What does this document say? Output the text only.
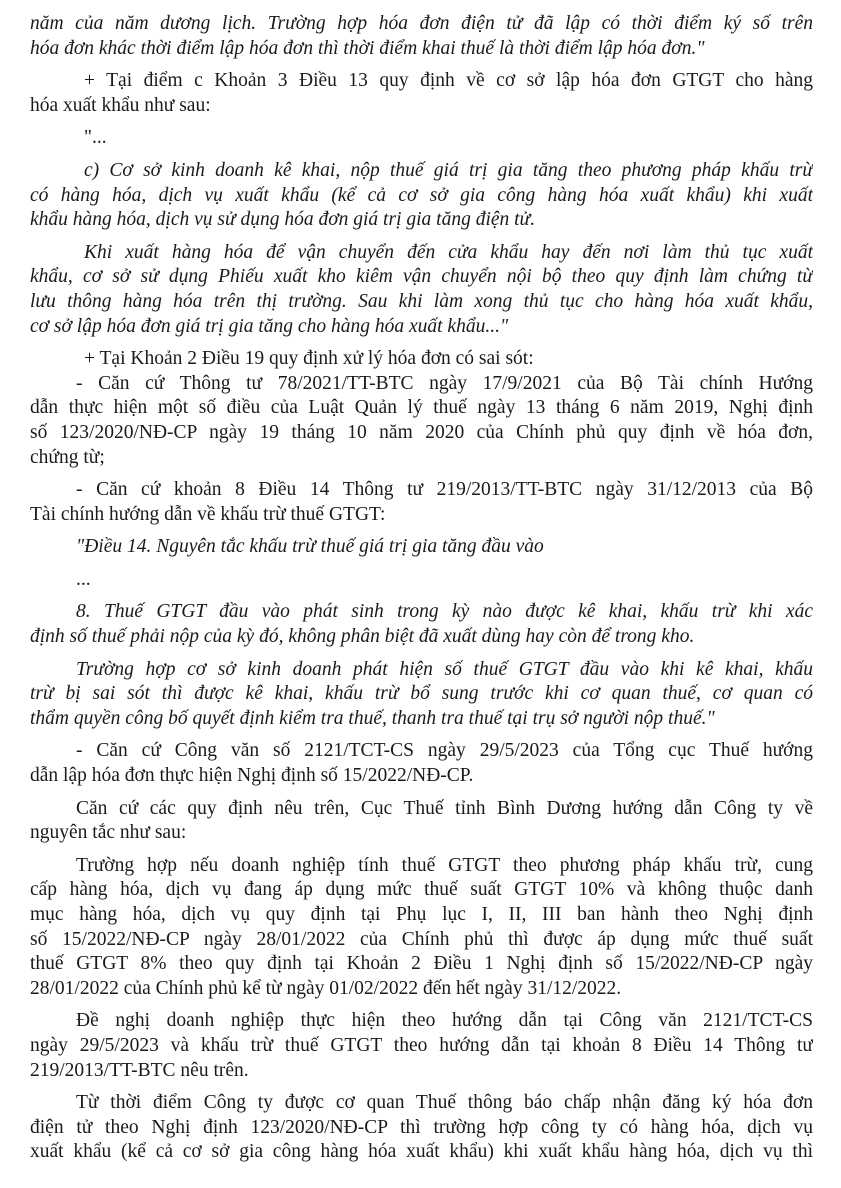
năm của năm dương lịch. Trường hợp hóa đơn điện tử đã lập có thời điểm ký số trên
hóa đơn khác thời điểm lập hóa đơn thì thời điểm khai thuế là thời điểm lập hóa đơn."
+ Tại điểm c Khoản 3 Điều 13 quy định về cơ sở lập hóa đơn GTGT cho hàng
hóa xuất khẩu như sau:
"...
c) Cơ sở kinh doanh kê khai, nộp thuế giá trị gia tăng theo phương pháp khấu trừ
có hàng hóa, dịch vụ xuất khẩu (kể cả cơ sở gia công hàng hóa xuất khẩu) khi xuất
khẩu hàng hóa, dịch vụ sử dụng hóa đơn giá trị gia tăng điện tử.
Khi xuất hàng hóa để vận chuyển đến cửa khẩu hay đến nơi làm thủ tục xuất
khẩu, cơ sở sử dụng Phiếu xuất kho kiêm vận chuyển nội bộ theo quy định làm chứng từ
lưu thông hàng hóa trên thị trường. Sau khi làm xong thủ tục cho hàng hóa xuất khẩu,
cơ sở lập hóa đơn giá trị gia tăng cho hàng hóa xuất khẩu..."
+ Tại Khoản 2 Điều 19 quy định xử lý hóa đơn có sai sót:
- Căn cứ Thông tư 78/2021/TT-BTC ngày 17/9/2021 của Bộ Tài chính Hướng
dẫn thực hiện một số điều của Luật Quản lý thuế ngày 13 tháng 6 năm 2019, Nghị định
số 123/2020/NĐ-CP ngày 19 tháng 10 năm 2020 của Chính phủ quy định về hóa đơn,
chứng từ;
- Căn cứ khoản 8 Điều 14 Thông tư 219/2013/TT-BTC ngày 31/12/2013 của Bộ
Tài chính hướng dẫn về khấu trừ thuế GTGT:
"Điều 14. Nguyên tắc khấu trừ thuế giá trị gia tăng đầu vào
...
8. Thuế GTGT đầu vào phát sinh trong kỳ nào được kê khai, khấu trừ khi xác
định số thuế phải nộp của kỳ đó, không phân biệt đã xuất dùng hay còn để trong kho.
Trường hợp cơ sở kinh doanh phát hiện số thuế GTGT đầu vào khi kê khai, khấu
trừ bị sai sót thì được kê khai, khấu trừ bổ sung trước khi cơ quan thuế, cơ quan có
thẩm quyền công bố quyết định kiểm tra thuế, thanh tra thuế tại trụ sở người nộp thuế."
- Căn cứ Công văn số 2121/TCT-CS ngày 29/5/2023 của Tổng cục Thuế hướng
dẫn lập hóa đơn thực hiện Nghị định số 15/2022/NĐ-CP.
Căn cứ các quy định nêu trên, Cục Thuế tỉnh Bình Dương hướng dẫn Công ty về
nguyên tắc như sau:
Trường hợp nếu doanh nghiệp tính thuế GTGT theo phương pháp khấu trừ, cung
cấp hàng hóa, dịch vụ đang áp dụng mức thuế suất GTGT 10% và không thuộc danh
mục hàng hóa, dịch vụ quy định tại Phụ lục I, II, III ban hành theo Nghị định
số 15/2022/NĐ-CP ngày 28/01/2022 của Chính phủ thì được áp dụng mức thuế suất
thuế GTGT 8% theo quy định tại Khoản 2 Điều 1 Nghị định số 15/2022/NĐ-CP ngày
28/01/2022 của Chính phủ kể từ ngày 01/02/2022 đến hết ngày 31/12/2022.
Đề nghị doanh nghiệp thực hiện theo hướng dẫn tại Công văn 2121/TCT-CS
ngày 29/5/2023 và khấu trừ thuế GTGT theo hướng dẫn tại khoản 8 Điều 14 Thông tư
219/2013/TT-BTC nêu trên.
Từ thời điểm Công ty được cơ quan Thuế thông báo chấp nhận đăng ký hóa đơn
điện tử theo Nghị định 123/2020/NĐ-CP thì trường hợp công ty có hàng hóa, dịch vụ
xuất khẩu (kể cả cơ sở gia công hàng hóa xuất khẩu) khi xuất khẩu hàng hóa, dịch vụ thì
